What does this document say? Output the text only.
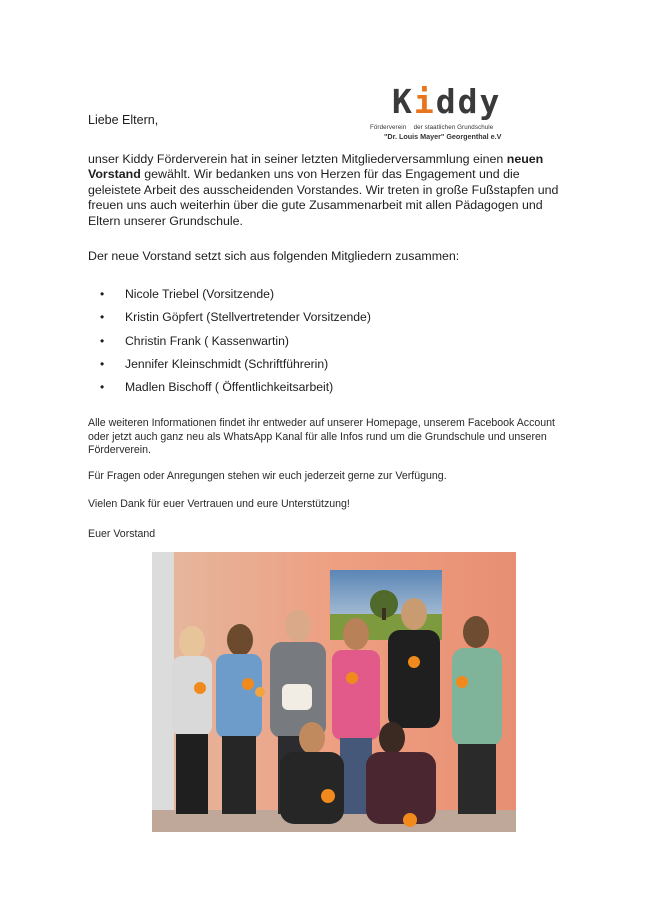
Liebe Eltern,	Kiddy
Förderverein der staatlichen Grundschule
"Dr. Louis Mayer" Georgenthal e.V
unser Kiddy Förderverein hat in seiner letzten Mitgliederversammlung einen neuen Vorstand gewählt. Wir bedanken uns von Herzen für das Engagement und die geleistete Arbeit des ausscheidenden Vorstandes. Wir treten in große Fußstapfen und freuen uns auch weiterhin über die gute Zusammenarbeit mit allen Pädagogen und Eltern unserer Grundschule.
Der neue Vorstand setzt sich aus folgenden Mitgliedern zusammen:
• Nicole Triebel (Vorsitzende)
• Kristin Göpfert (Stellvertretender Vorsitzende)
• Christin Frank ( Kassenwartin)
• Jennifer Kleinschmidt (Schriftführerin)
• Madlen Bischoff ( Öffentlichkeitsarbeit)
Alle weiteren Informationen findet ihr entweder auf unserer Homepage, unserem Facebook Account oder jetzt auch ganz neu als WhatsApp Kanal für alle Infos rund um die Grundschule und unseren Förderverein.
Für Fragen oder Anregungen stehen wir euch jederzeit gerne zur Verfügung.
Vielen Dank für euer Vertrauen und eure Unterstützung!
Euer Vorstand
